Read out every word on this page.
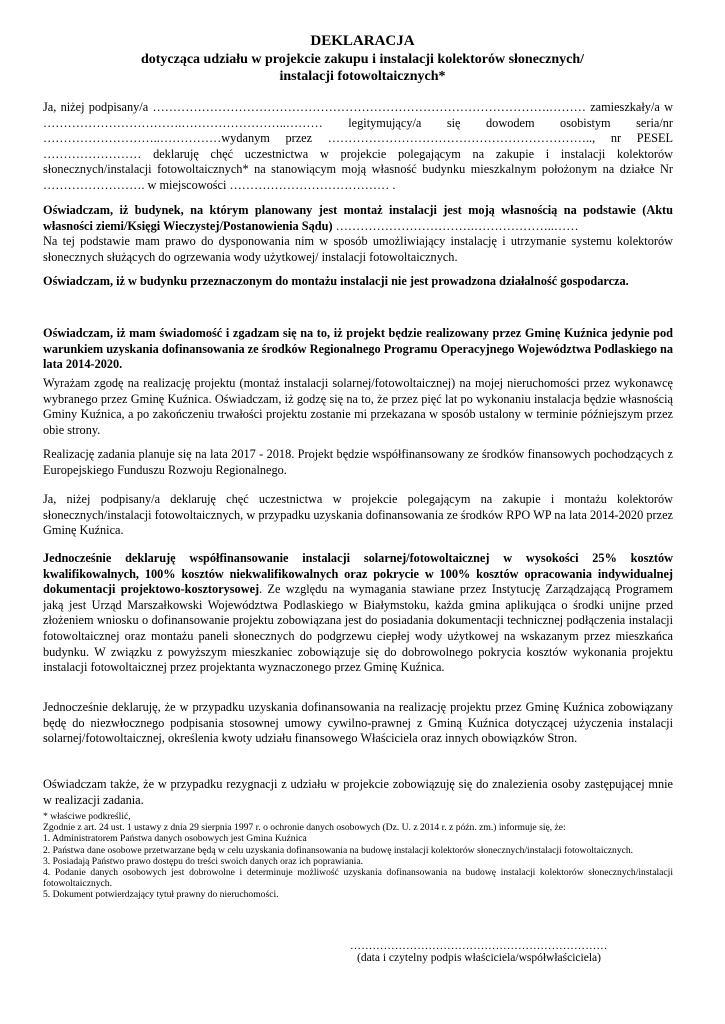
DEKLARACJA
dotycząca udziału w projekcie zakupu i instalacji kolektorów słonecznych/
instalacji fotowoltaicznych*
Ja, niżej podpisany/a …………………………………………………………………………………….……… zamieszkały/a w …………………………….……………………..……… legitymujący/a się dowodem osobistym seria/nr ………………………..……………wydanym przez ……………………………………………………….., nr PESEL …………………… deklaruję chęć uczestnictwa w projekcie polegającym na zakupie i instalacji kolektorów słonecznych/instalacji fotowoltaicznych* na stanowiącym moją własność budynku mieszkalnym położonym na działce Nr ……………………. w miejscowości ………………………………… .
Oświadczam, iż budynek, na którym planowany jest montaż instalacji jest moją własnością na podstawie (Aktu własności ziemi/Księgi Wieczystej/Postanowienia Sądu) …………………………….………………..……
Na tej podstawie mam prawo do dysponowania nim w sposób umożliwiający instalację i utrzymanie systemu kolektorów słonecznych służących do ogrzewania wody użytkowej/ instalacji fotowoltaicznych.
Oświadczam, iż w budynku przeznaczonym do montażu instalacji nie jest prowadzona działalność gospodarcza.
Oświadczam, iż mam świadomość i zgadzam się na to, iż projekt będzie realizowany przez Gminę Kuźnica jedynie pod warunkiem uzyskania dofinansowania ze środków Regionalnego Programu Operacyjnego Województwa Podlaskiego na lata 2014-2020.
Wyrażam zgodę na realizację projektu (montaż instalacji solarnej/fotowoltaicznej) na mojej nieruchomości przez wykonawcę wybranego przez Gminę Kuźnica. Oświadczam, iż godzę się na to, że przez pięć lat po wykonaniu instalacja będzie własnością Gminy Kuźnica, a po zakończeniu trwałości projektu zostanie mi przekazana w sposób ustalony w terminie późniejszym przez obie strony.
Realizację zadania planuje się na lata 2017 - 2018. Projekt będzie współfinansowany ze środków finansowych pochodzących z Europejskiego Funduszu Rozwoju Regionalnego.
Ja, niżej podpisany/a deklaruję chęć uczestnictwa w projekcie polegającym na zakupie i montażu kolektorów słonecznych/instalacji fotowoltaicznych, w przypadku uzyskania dofinansowania ze środków RPO WP na lata 2014-2020 przez Gminę Kuźnica.
Jednocześnie deklaruję współfinansowanie instalacji solarnej/fotowoltaicznej w wysokości 25% kosztów kwalifikowalnych, 100% kosztów niekwalifikowalnych oraz pokrycie w 100% kosztów opracowania indywidualnej dokumentacji projektowo-kosztorysowej. Ze względu na wymagania stawiane przez Instytucję Zarządzającą Programem jaką jest Urząd Marszałkowski Województwa Podlaskiego w Białymstoku, każda gmina aplikująca o środki unijne przed złożeniem wniosku o dofinansowanie projektu zobowiązana jest do posiadania dokumentacji technicznej podłączenia instalacji fotowoltaicznej oraz montażu paneli słonecznych do podgrzewu ciepłej wody użytkowej na wskazanym przez mieszkańca budynku. W związku z powyższym mieszkaniec zobowiązuje się do dobrowolnego pokrycia kosztów wykonania projektu instalacji fotowoltaicznej przez projektanta wyznaczonego przez Gminę Kuźnica.
Jednocześnie deklaruję, że w przypadku uzyskania dofinansowania na realizację projektu przez Gminę Kuźnica zobowiązany będę do niezwłocznego podpisania stosownej umowy cywilno-prawnej z Gminą Kuźnica dotyczącej użyczenia instalacji solarnej/fotowoltaicznej, określenia kwoty udziału finansowego Właściciela oraz innych obowiązków Stron.
Oświadczam także, że w przypadku rezygnacji z udziału w projekcie zobowiązuję się do znalezienia osoby zastępującej mnie w realizacji zadania.
* właściwe podkreślić,
Zgodnie z art. 24 ust. 1 ustawy z dnia 29 sierpnia 1997 r. o ochronie danych osobowych (Dz. U. z 2014 r. z późn. zm.) informuje się, że:
1. Administratorem Państwa danych osobowych jest Gmina Kuźnica
2. Państwa dane osobowe przetwarzane będą w celu uzyskania dofinansowania na budowę instalacji kolektorów słonecznych/instalacji fotowoltaicznych.
3. Posiadają Państwo prawo dostępu do treści swoich danych oraz ich poprawiania.
4. Podanie danych osobowych jest dobrowolne i determinuje możliwość uzyskania dofinansowania na budowę instalacji kolektorów słonecznych/instalacji fotowoltaicznych.
5. Dokument potwierdzający tytuł prawny do nieruchomości.
……………………………………………………………
(data i czytelny podpis właściciela/współwłaściciela)
